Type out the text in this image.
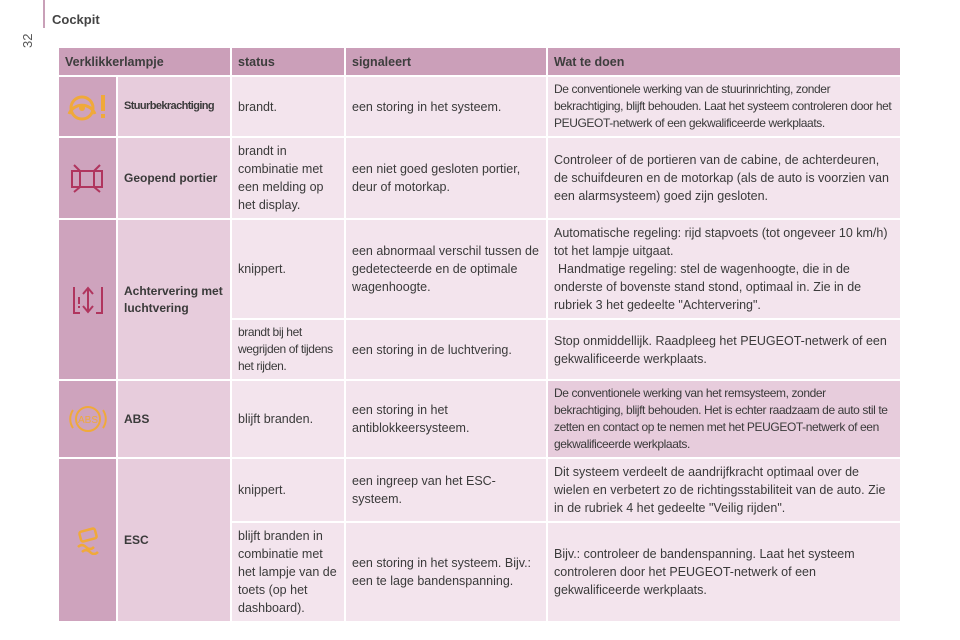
32
Cockpit
Verklikkerlampje		status	signaleert	Wat te doen
	Stuurbekrachtiging	brandt.	een storing in het systeem.	De conventionele werking van de stuurinrichting, zonder bekrachtiging, blijft behouden. Laat het systeem controleren door het PEUGEOT-netwerk of een gekwalificeerde werkplaats.
	Geopend portier	brandt in combinatie met een melding op het display.	een niet goed gesloten portier, deur of motorkap.	Controleer of de portieren van de cabine, de achterdeuren, de schuifdeuren en de motorkap (als de auto is voorzien van een alarmsysteem) goed zijn gesloten.
	Achtervering met luchtvering	knippert.	een abnormaal verschil tussen de gedetecteerde en de optimale wagenhoogte.	Automatische regeling: rijd stapvoets (tot ongeveer 10 km/h) tot het lampje uitgaat.
Handmatige regeling: stel de wagenhoogte, die in de onderste of bovenste stand stond, optimaal in. Zie in de rubriek 3 het gedeelte "Achtervering".

		brandt bij het wegrijden of tijdens het rijden.	een storing in de luchtvering.	Stop onmiddellijk. Raadpleeg het PEUGEOT-netwerk of een gekwalificeerde werkplaats.

ABS	ABS	blijft branden.	een storing in het antiblokkeersysteem.	De conventionele werking van het remsysteem, zonder bekrachtiging, blijft behouden. Het is echter raadzaam de auto stil te zetten en contact op te nemen met het PEUGEOT-netwerk of een gekwalificeerde werkplaats.
	ESC	knippert.	een ingreep van het ESC-systeem.	Dit systeem verdeelt de aandrijfkracht optimaal over de wielen en verbetert zo de richtingsstabiliteit van de auto. Zie in de rubriek 4 het gedeelte "Veilig rijden".
		blijft branden in combinatie met het lampje van de toets (op het dashboard).	een storing in het systeem. Bijv.: een te lage bandenspanning.	Bijv.: controleer de bandenspanning. Laat het systeem controleren door het PEUGEOT-netwerk of een gekwalificeerde werkplaats.
